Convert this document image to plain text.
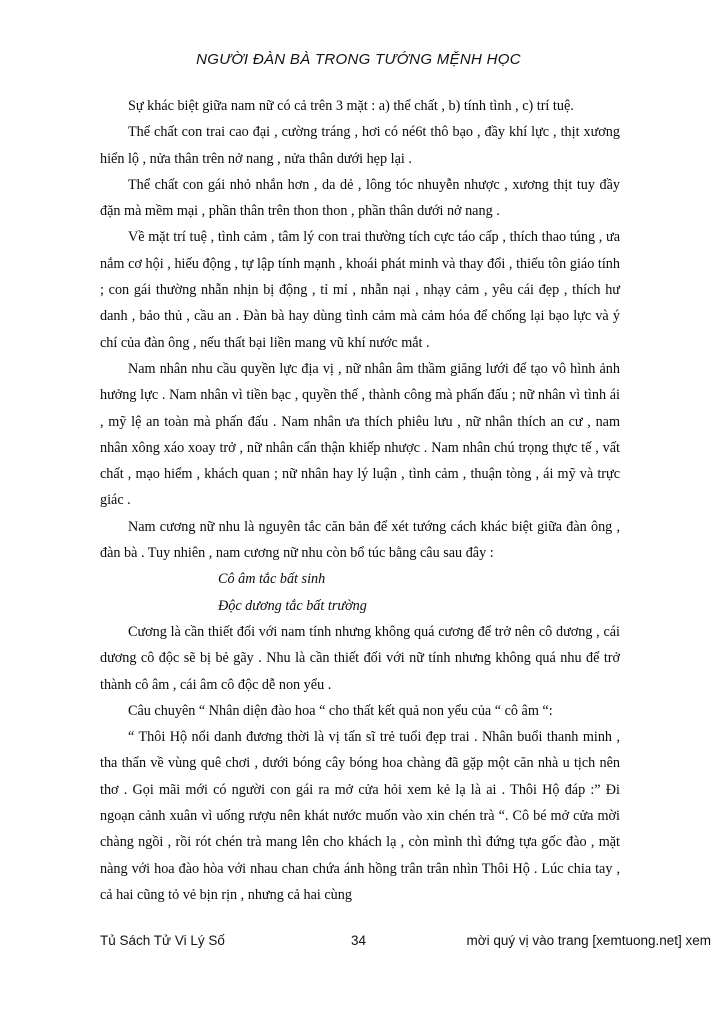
NGƯỜI ĐÀN BÀ TRONG TƯỚNG MỆNH HỌC

Sự khác biệt giữa nam nữ có cả trên 3 mặt : a) thể chất , b) tính tình , c) trí tuệ.

Thể chất con trai cao đại , cường tráng , hơi có né6t thô bạo , đầy khí lực , thịt xương hiển lộ , nửa thân trên nở nang , nửa thân dưới hẹp lại .

Thể chất con gái nhỏ nhắn hơn , da dẻ , lông tóc nhuyễn nhược , xương thịt tuy đầy đặn mà mềm mại , phần thân trên thon thon , phần thân dưới nở nang .

Về mặt trí tuệ , tình cảm , tâm lý con trai thường tích cực táo cấp , thích thao túng , ưa nắm cơ hội , hiếu động , tự lập tính mạnh , khoái phát minh và thay đổi , thiếu tôn giáo tính ; con gái thường nhẫn nhịn bị động , tỉ mỉ , nhẫn nại , nhạy cảm , yêu cái đẹp , thích hư danh , bảo thủ , cầu an . Đàn bà hay dùng tình cảm mà cảm hóa để chống lại bạo lực và ý chí của đàn ông , nếu thất bại liền mang vũ khí nước mắt .

Nam nhân nhu cầu quyền lực địa vị , nữ nhân âm thầm giăng lưới để tạo vô hình ảnh hưởng lực . Nam nhân vì tiền bạc , quyền thế , thành công mà phấn đấu ; nữ nhân vì tình ái , mỹ lệ an toàn mà phấn đấu . Nam nhân ưa thích phiêu lưu , nữ nhân thích an cư , nam nhân xông xáo xoay trở , nữ nhân cẩn thận khiếp nhược . Nam nhân chú trọng thực tế , vất chất , mạo hiểm , khách quan ; nữ nhân hay lý luận , tình cảm , thuận tòng , ái mỹ và trực giác .

Nam cương nữ nhu là nguyên tắc căn bản để xét tướng cách khác biệt giữa đàn ông , đàn bà . Tuy nhiên , nam cương nữ nhu còn bổ túc bằng câu sau đây :

Cô âm tắc bất sinh

Độc dương tắc bất trường

Cương là cần thiết đối với nam tính nhưng không quá cương để trở nên cô dương , cái dương cô độc sẽ bị bẻ gãy . Nhu là cần thiết đối với nữ tính nhưng không quá nhu để trở thành cô âm , cái âm cô độc dễ non yểu .

Câu chuyên “ Nhân diện đào hoa “ cho thất kết quả non yểu của “ cô âm “:

“ Thôi Hộ nổi danh đương thời là vị tấn sĩ trẻ tuổi đẹp trai . Nhân buổi thanh minh , tha thẩn về vùng quê chơi , dưới bóng cây bóng hoa chàng đã gặp một căn nhà u tịch nên thơ . Gọi mãi mới có người con gái ra mở cửa hỏi xem kẻ lạ là ai . Thôi Hộ đáp :” Đi ngoạn cảnh xuân vì uống rượu nên khát nước muốn vào xin chén trà “. Cô bé mở cửa mời chàng ngồi , rồi rót chén trà mang lên cho khách lạ , còn mình thì đứng tựa gốc đào , mặt nàng với hoa đào hòa với nhau chan chứa ánh hồng trân trân nhìn Thôi Hộ . Lúc chia tay , cả hai cũng tỏ vẻ bịn rịn , nhưng cả hai cùng

Tủ Sách Tử Vi Lý Số	34	mời quý vị vào trang [xemtuong.net] xem
